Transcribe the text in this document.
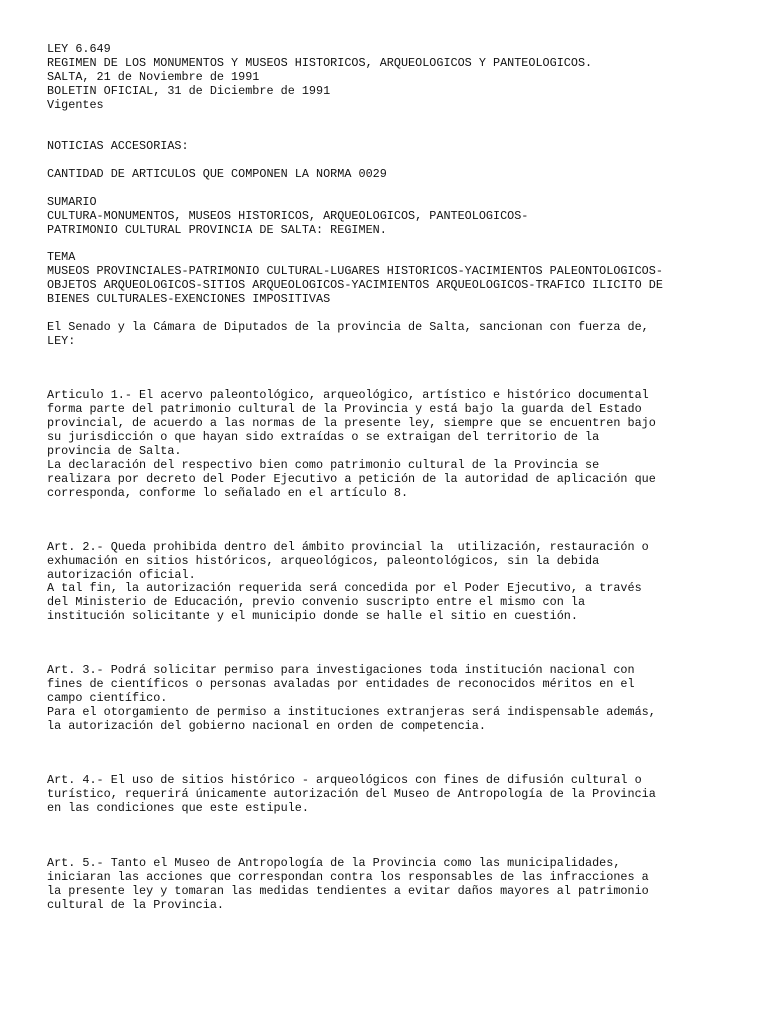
LEY 6.649

REGIMEN DE LOS MONUMENTOS Y MUSEOS HISTORICOS, ARQUEOLOGICOS Y PANTEOLOGICOS.

SALTA, 21 de Noviembre de 1991

BOLETIN OFICIAL, 31 de Diciembre de 1991

Vigentes

NOTICIAS ACCESORIAS:

CANTIDAD DE ARTICULOS QUE COMPONEN LA NORMA 0029

SUMARIO

CULTURA-MONUMENTOS, MUSEOS HISTORICOS, ARQUEOLOGICOS, PANTEOLOGICOS-

PATRIMONIO CULTURAL PROVINCIA DE SALTA: REGIMEN.

TEMA

MUSEOS PROVINCIALES-PATRIMONIO CULTURAL-LUGARES HISTORICOS-YACIMIENTOS PALEONTOLOGICOS-

OBJETOS ARQUEOLOGICOS-SITIOS ARQUEOLOGICOS-YACIMIENTOS ARQUEOLOGICOS-TRAFICO ILICITO DE

BIENES CULTURALES-EXENCIONES IMPOSITIVAS

El Senado y la Cámara de Diputados de la provincia de Salta, sancionan con fuerza de,

LEY:

Articulo 1.- El acervo paleontológico, arqueológico, artístico e histórico documental

forma parte del patrimonio cultural de la Provincia y está bajo la guarda del Estado

provincial, de acuerdo a las normas de la presente ley, siempre que se encuentren bajo

su jurisdicción o que hayan sido extraídas o se extraigan del territorio de la

provincia de Salta.

La declaración del respectivo bien como patrimonio cultural de la Provincia se

realizara por decreto del Poder Ejecutivo a petición de la autoridad de aplicación que

corresponda, conforme lo señalado en el artículo 8.

Art. 2.- Queda prohibida dentro del ámbito provincial la  utilización, restauración o

exhumación en sitios históricos, arqueológicos, paleontológicos, sin la debida

autorización oficial.

A tal fin, la autorización requerida será concedida por el Poder Ejecutivo, a través

del Ministerio de Educación, previo convenio suscripto entre el mismo con la

institución solicitante y el municipio donde se halle el sitio en cuestión.

Art. 3.- Podrá solicitar permiso para investigaciones toda institución nacional con

fines de científicos o personas avaladas por entidades de reconocidos méritos en el

campo científico.

Para el otorgamiento de permiso a instituciones extranjeras será indispensable además,

la autorización del gobierno nacional en orden de competencia.

Art. 4.- El uso de sitios histórico - arqueológicos con fines de difusión cultural o

turístico, requerirá únicamente autorización del Museo de Antropología de la Provincia

en las condiciones que este estipule.

Art. 5.- Tanto el Museo de Antropología de la Provincia como las municipalidades,

iniciaran las acciones que correspondan contra los responsables de las infracciones a

la presente ley y tomaran las medidas tendientes a evitar daños mayores al patrimonio

cultural de la Provincia.
